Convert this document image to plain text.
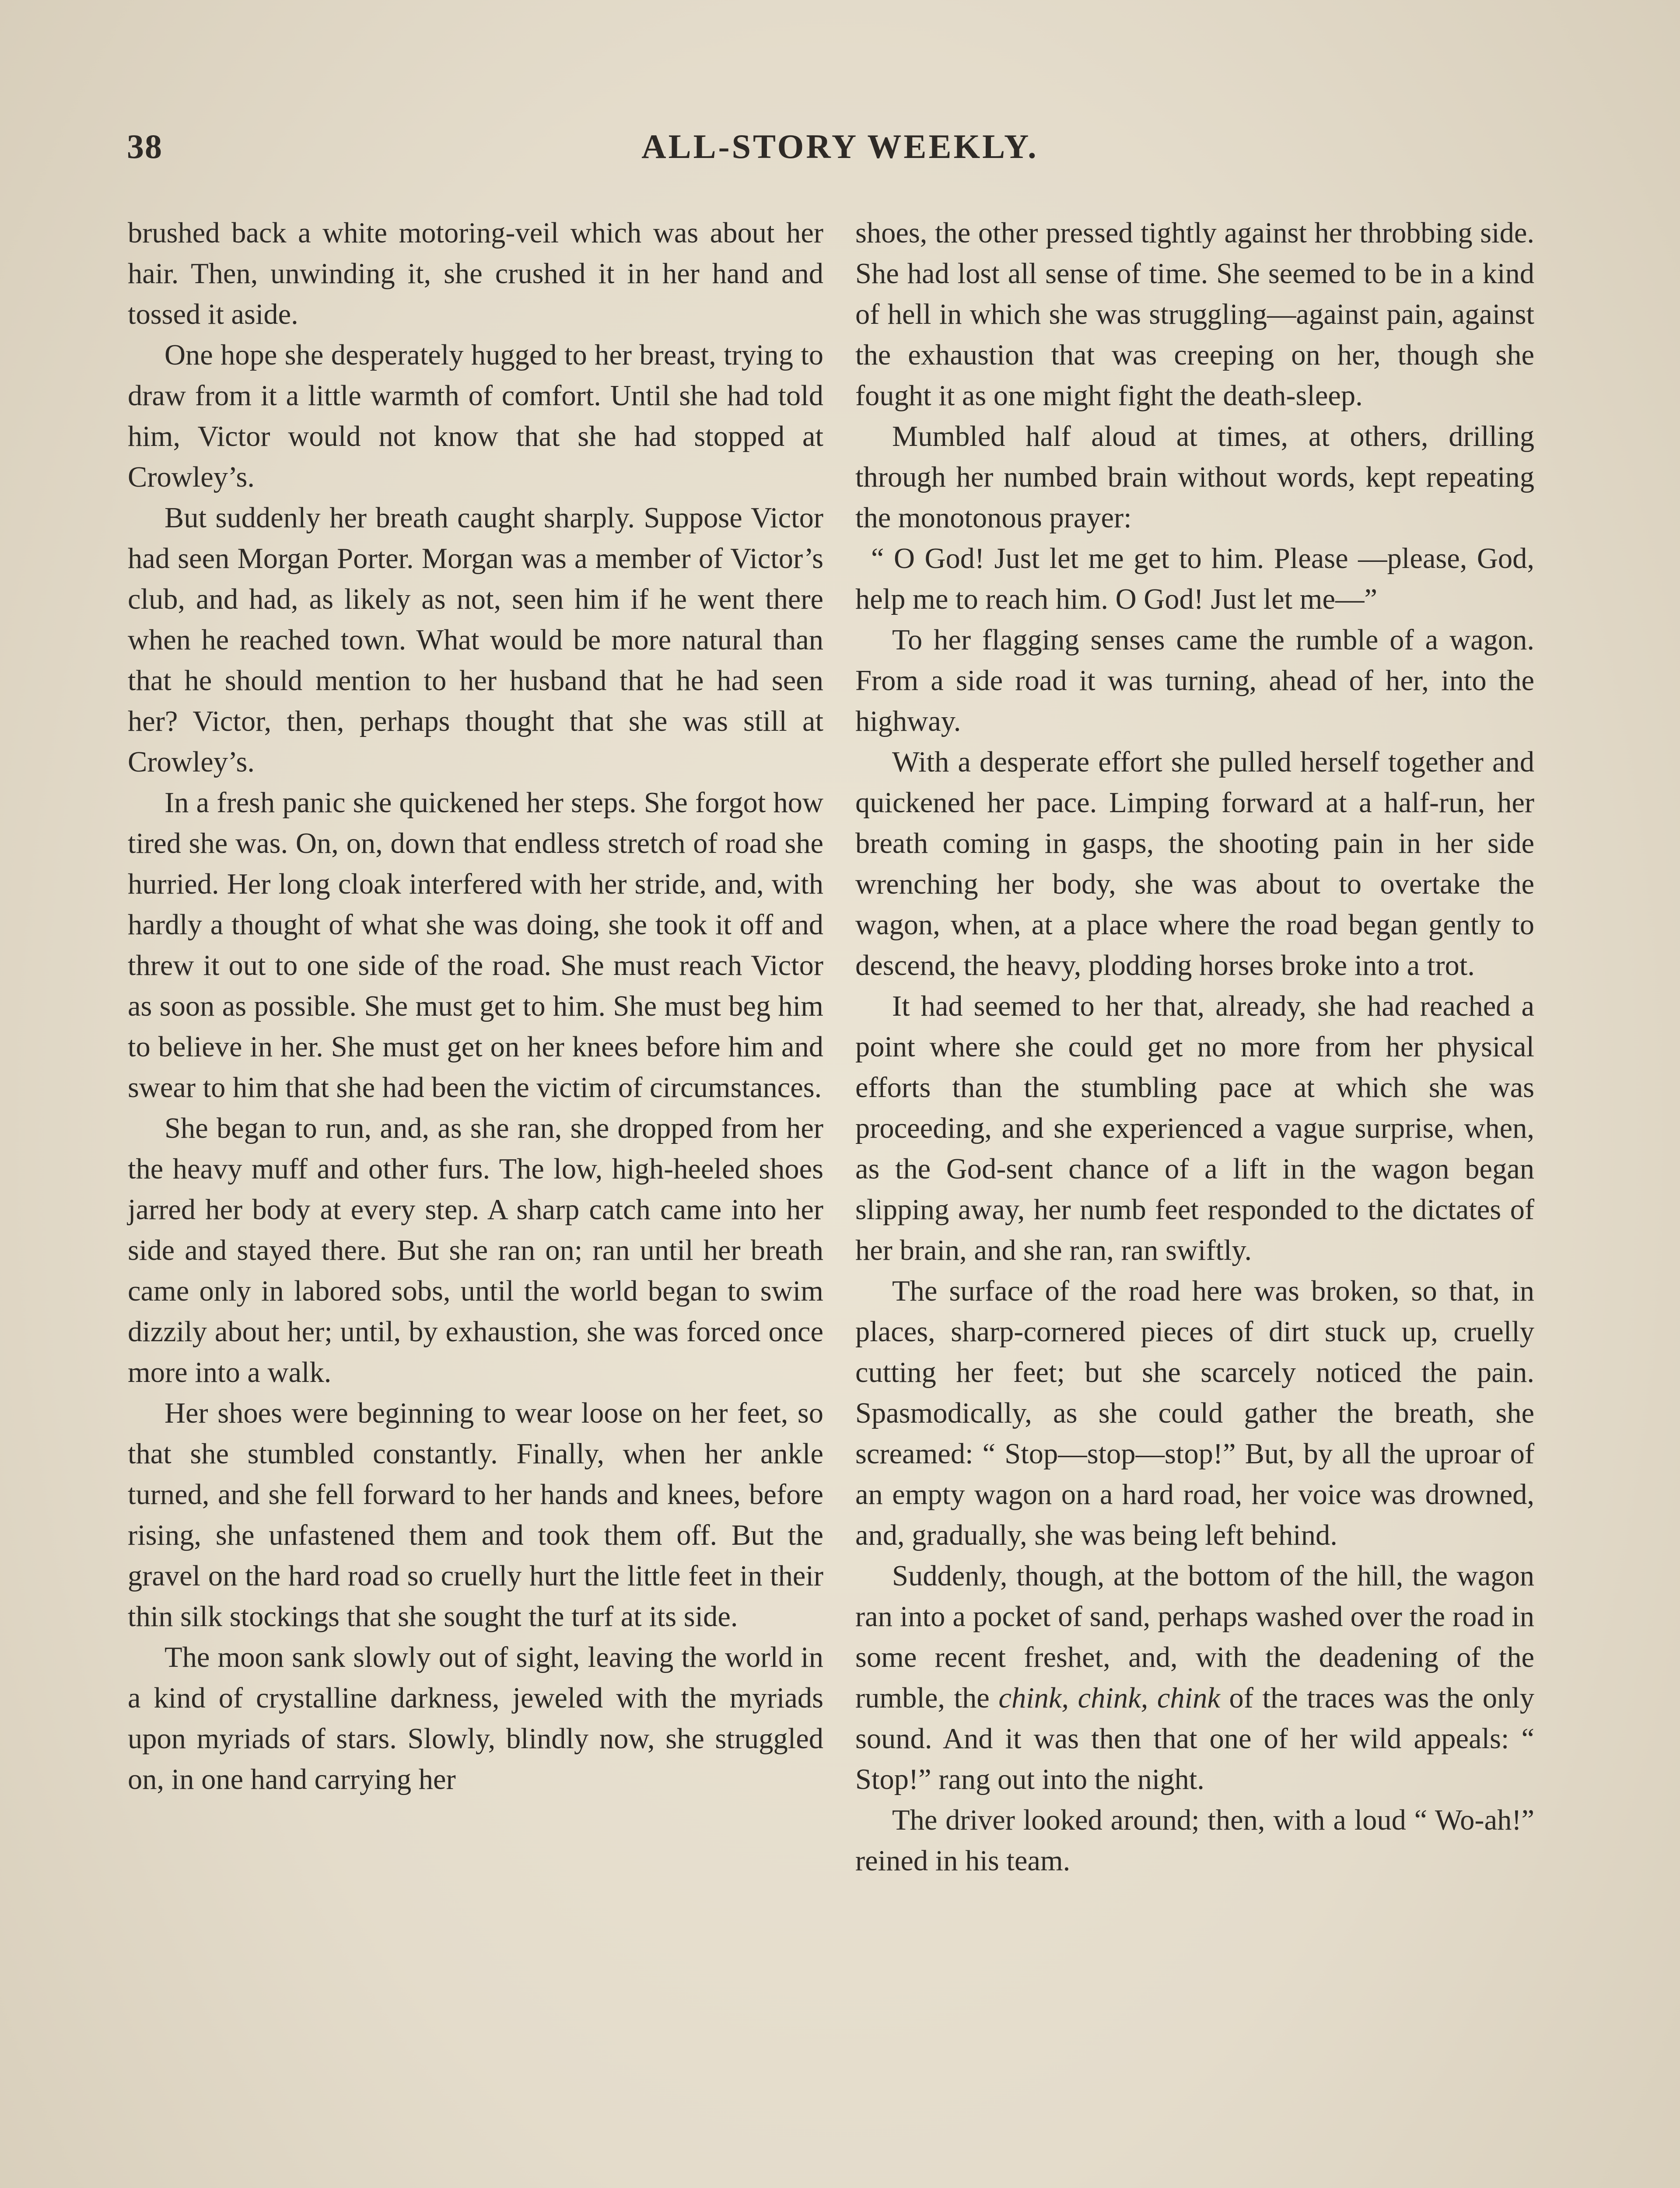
38	ALL-STORY WEEKLY.

brushed back a white motoring-veil which was about her hair. Then, unwinding it, she crushed it in her hand and tossed it aside.

One hope she desperately hugged to her breast, trying to draw from it a little warmth of comfort. Until she had told him, Victor would not know that she had stopped at Crowley’s.

But suddenly her breath caught sharply. Suppose Victor had seen Morgan Porter. Morgan was a member of Victor’s club, and had, as likely as not, seen him if he went there when he reached town. What would be more natural than that he should mention to her husband that he had seen her? Victor, then, perhaps thought that she was still at Crowley’s.

In a fresh panic she quickened her steps. She forgot how tired she was. On, on, down that endless stretch of road she hurried. Her long cloak interfered with her stride, and, with hardly a thought of what she was doing, she took it off and threw it out to one side of the road. She must reach Victor as soon as possible. She must get to him. She must beg him to believe in her. She must get on her knees before him and swear to him that she had been the victim of circumstances.

She began to run, and, as she ran, she dropped from her the heavy muff and other furs. The low, high-heeled shoes jarred her body at every step. A sharp catch came into her side and stayed there. But she ran on; ran until her breath came only in labored sobs, until the world began to swim dizzily about her; until, by exhaustion, she was forced once more into a walk.

Her shoes were beginning to wear loose on her feet, so that she stumbled constantly. Finally, when her ankle turned, and she fell forward to her hands and knees, before rising, she unfastened them and took them off. But the gravel on the hard road so cruelly hurt the little feet in their thin silk stockings that she sought the turf at its side.

The moon sank slowly out of sight, leaving the world in a kind of crystalline darkness, jeweled with the myriads upon myriads of stars. Slowly, blindly now, she struggled on, in one hand carrying her

shoes, the other pressed tightly against her throbbing side. She had lost all sense of time. She seemed to be in a kind of hell in which she was struggling—against pain, against the exhaustion that was creeping on her, though she fought it as one might fight the death-sleep.

Mumbled half aloud at times, at others, drilling through her numbed brain without words, kept repeating the monotonous prayer:

“ O God! Just let me get to him. Please —please, God, help me to reach him. O God! Just let me—”

To her flagging senses came the rumble of a wagon. From a side road it was turning, ahead of her, into the highway.

With a desperate effort she pulled herself together and quickened her pace. Limping forward at a half-run, her breath coming in gasps, the shooting pain in her side wrenching her body, she was about to overtake the wagon, when, at a place where the road began gently to descend, the heavy, plodding horses broke into a trot.

It had seemed to her that, already, she had reached a point where she could get no more from her physical efforts than the stumbling pace at which she was proceeding, and she experienced a vague surprise, when, as the God-sent chance of a lift in the wagon began slipping away, her numb feet responded to the dictates of her brain, and she ran, ran swiftly.

The surface of the road here was broken, so that, in places, sharp-cornered pieces of dirt stuck up, cruelly cutting her feet; but she scarcely noticed the pain. Spasmodically, as she could gather the breath, she screamed: “ Stop—stop—stop!” But, by all the uproar of an empty wagon on a hard road, her voice was drowned, and, gradually, she was being left behind.

Suddenly, though, at the bottom of the hill, the wagon ran into a pocket of sand, perhaps washed over the road in some recent freshet, and, with the deadening of the rumble, the chink, chink, chink of the traces was the only sound. And it was then that one of her wild appeals: “ Stop!” rang out into the night.

The driver looked around; then, with a loud “ Wo-ah!” reined in his team.
